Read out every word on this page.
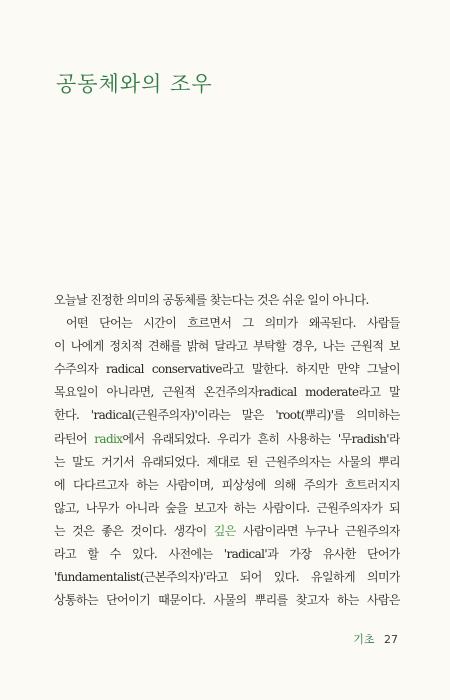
공동체와의 조우
오늘날 진정한 의미의 공동체를 찾는다는 것은 쉬운 일이 아니다.
어떤 단어는 시간이 흐르면서 그 의미가 왜곡된다. 사람들
이 나에게 정치적 견해를 밝혀 달라고 부탁할 경우, 나는 근원적 보
수주의자 radical conservative라고 말한다. 하지만 만약 그날이
목요일이 아니라면, 근원적 온건주의자radical moderate라고 말
한다. 'radical(근원주의자)'이라는 말은 'root(뿌리)'를 의미하는
라틴어 radix에서 유래되었다. 우리가 흔히 사용하는 '무radish'라
는 말도 거기서 유래되었다. 제대로 된 근원주의자는 사물의 뿌리
에 다다르고자 하는 사람이며, 피상성에 의해 주의가 흐트러지지
않고, 나무가 아니라 숲을 보고자 하는 사람이다. 근원주의자가 되
는 것은 좋은 것이다. 생각이 깊은 사람이라면 누구나 근원주의자
라고 할 수 있다. 사전에는 'radical'과 가장 유사한 단어가
'fundamentalist(근본주의자)'라고 되어 있다. 유일하게 의미가
상통하는 단어이기 때문이다. 사물의 뿌리를 찾고자 하는 사람은
기초 27
